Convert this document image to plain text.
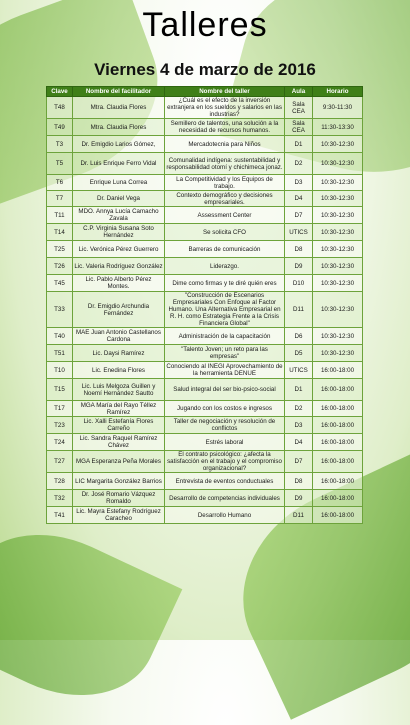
Talleres
Viernes 4 de marzo de 2016
Clave	Nombre del facilitador	Nombre del taller	Aula	Horario
T48	Mtra. Claudia Flores	¿Cuál es el efecto de la inversión extranjera en los sueldos y salarios en las industrias?	Sala CEA	9:30-11:30
T49	Mtra. Claudia Flores	Semillero de talentos, una solución a la necesidad de recursos humanos.	Sala CEA	11:30-13:30
T3	Dr. Emigdio Larios Gómez,	Mercadotecnia para Niños	D1	10:30-12:30
T5	Dr. Luis Enrique Ferro Vidal	Comunalidad indígena: sustentabilidad y responsabilidad otomí y chichimeca jonaz.	D2	10:30-12:30
T6	Enrique Luna Correa	La Competitividad y los Equipos de trabajo.	D3	10:30-12:30
T7	Dr. Daniel Vega	Contexto demográfico y decisiones empresariales.	D4	10:30-12:30
T11	MDO. Annya Lucía Camacho Zavala	Assessment Center	D7	10:30-12:30
T14	C.P. Virginia Susana Soto Hernández	Se solicita CFO	UTICS	10:30-12:30
T25	Lic. Verónica Pérez Guerrero	Barreras de comunicación	D8	10:30-12:30
T26	Lic. Valeria Rodríguez González	Liderazgo.	D9	10:30-12:30
T45	Lic. Pablo Alberto Pérez Montes.	Dime como firmas y te diré quién eres	D10	10:30-12:30
T33	Dr. Emigdio Archundia Fernández	"Construcción de Escenarios Empresariales Con Enfoque al Factor Humano. Una Alternativa Empresarial en R. H. como Estrategia Frente a la Crisis Financiera Global"	D11	10:30-12:30
T40	MAE Juan Antonio Castellanos Cardona	Administración de la capacitación	D6	10:30-12:30
T51	Lic. Daysi Ramírez	"Talento Joven; un reto para las empresas"	D5	10:30-12:30
T10	Lic. Enedina Flores	Conociendo al INEGI Aprovechamiento de la herramienta DENUE	UTICS	16:00-18:00
T15	Lic. Luis Melgoza Guillen y Noemí Hernández Sautto	Salud integral del ser bio-psico-social	D1	16:00-18:00
T17	MGA María del Rayo Téllez Ramírez	Jugando con los costos e ingresos	D2	16:00-18:00
T23	Lic. Xalli Estefanía Flores Carreño	Taller de negociación y resolución de conflictos	D3	16:00-18:00
T24	Lic. Sandra Raquel Ramírez Chávez	Estrés laboral	D4	16:00-18:00
T27	MGA Esperanza Peña Morales	El contrato psicológico: ¿afecta la satisfacción en el trabajo y el compromiso organizacional?	D7	16:00-18:00
T28	LIC Margarita González Barrios	Entrevista de eventos conductuales	D8	16:00-18:00
T32	Dr. José Romario Vázquez Romaldo	Desarrollo de competencias individuales	D9	16:00-18:00
T41	Lic. Mayra Estefany Rodríguez Caracheo	Desarrollo Humano	D11	16:00-18:00
